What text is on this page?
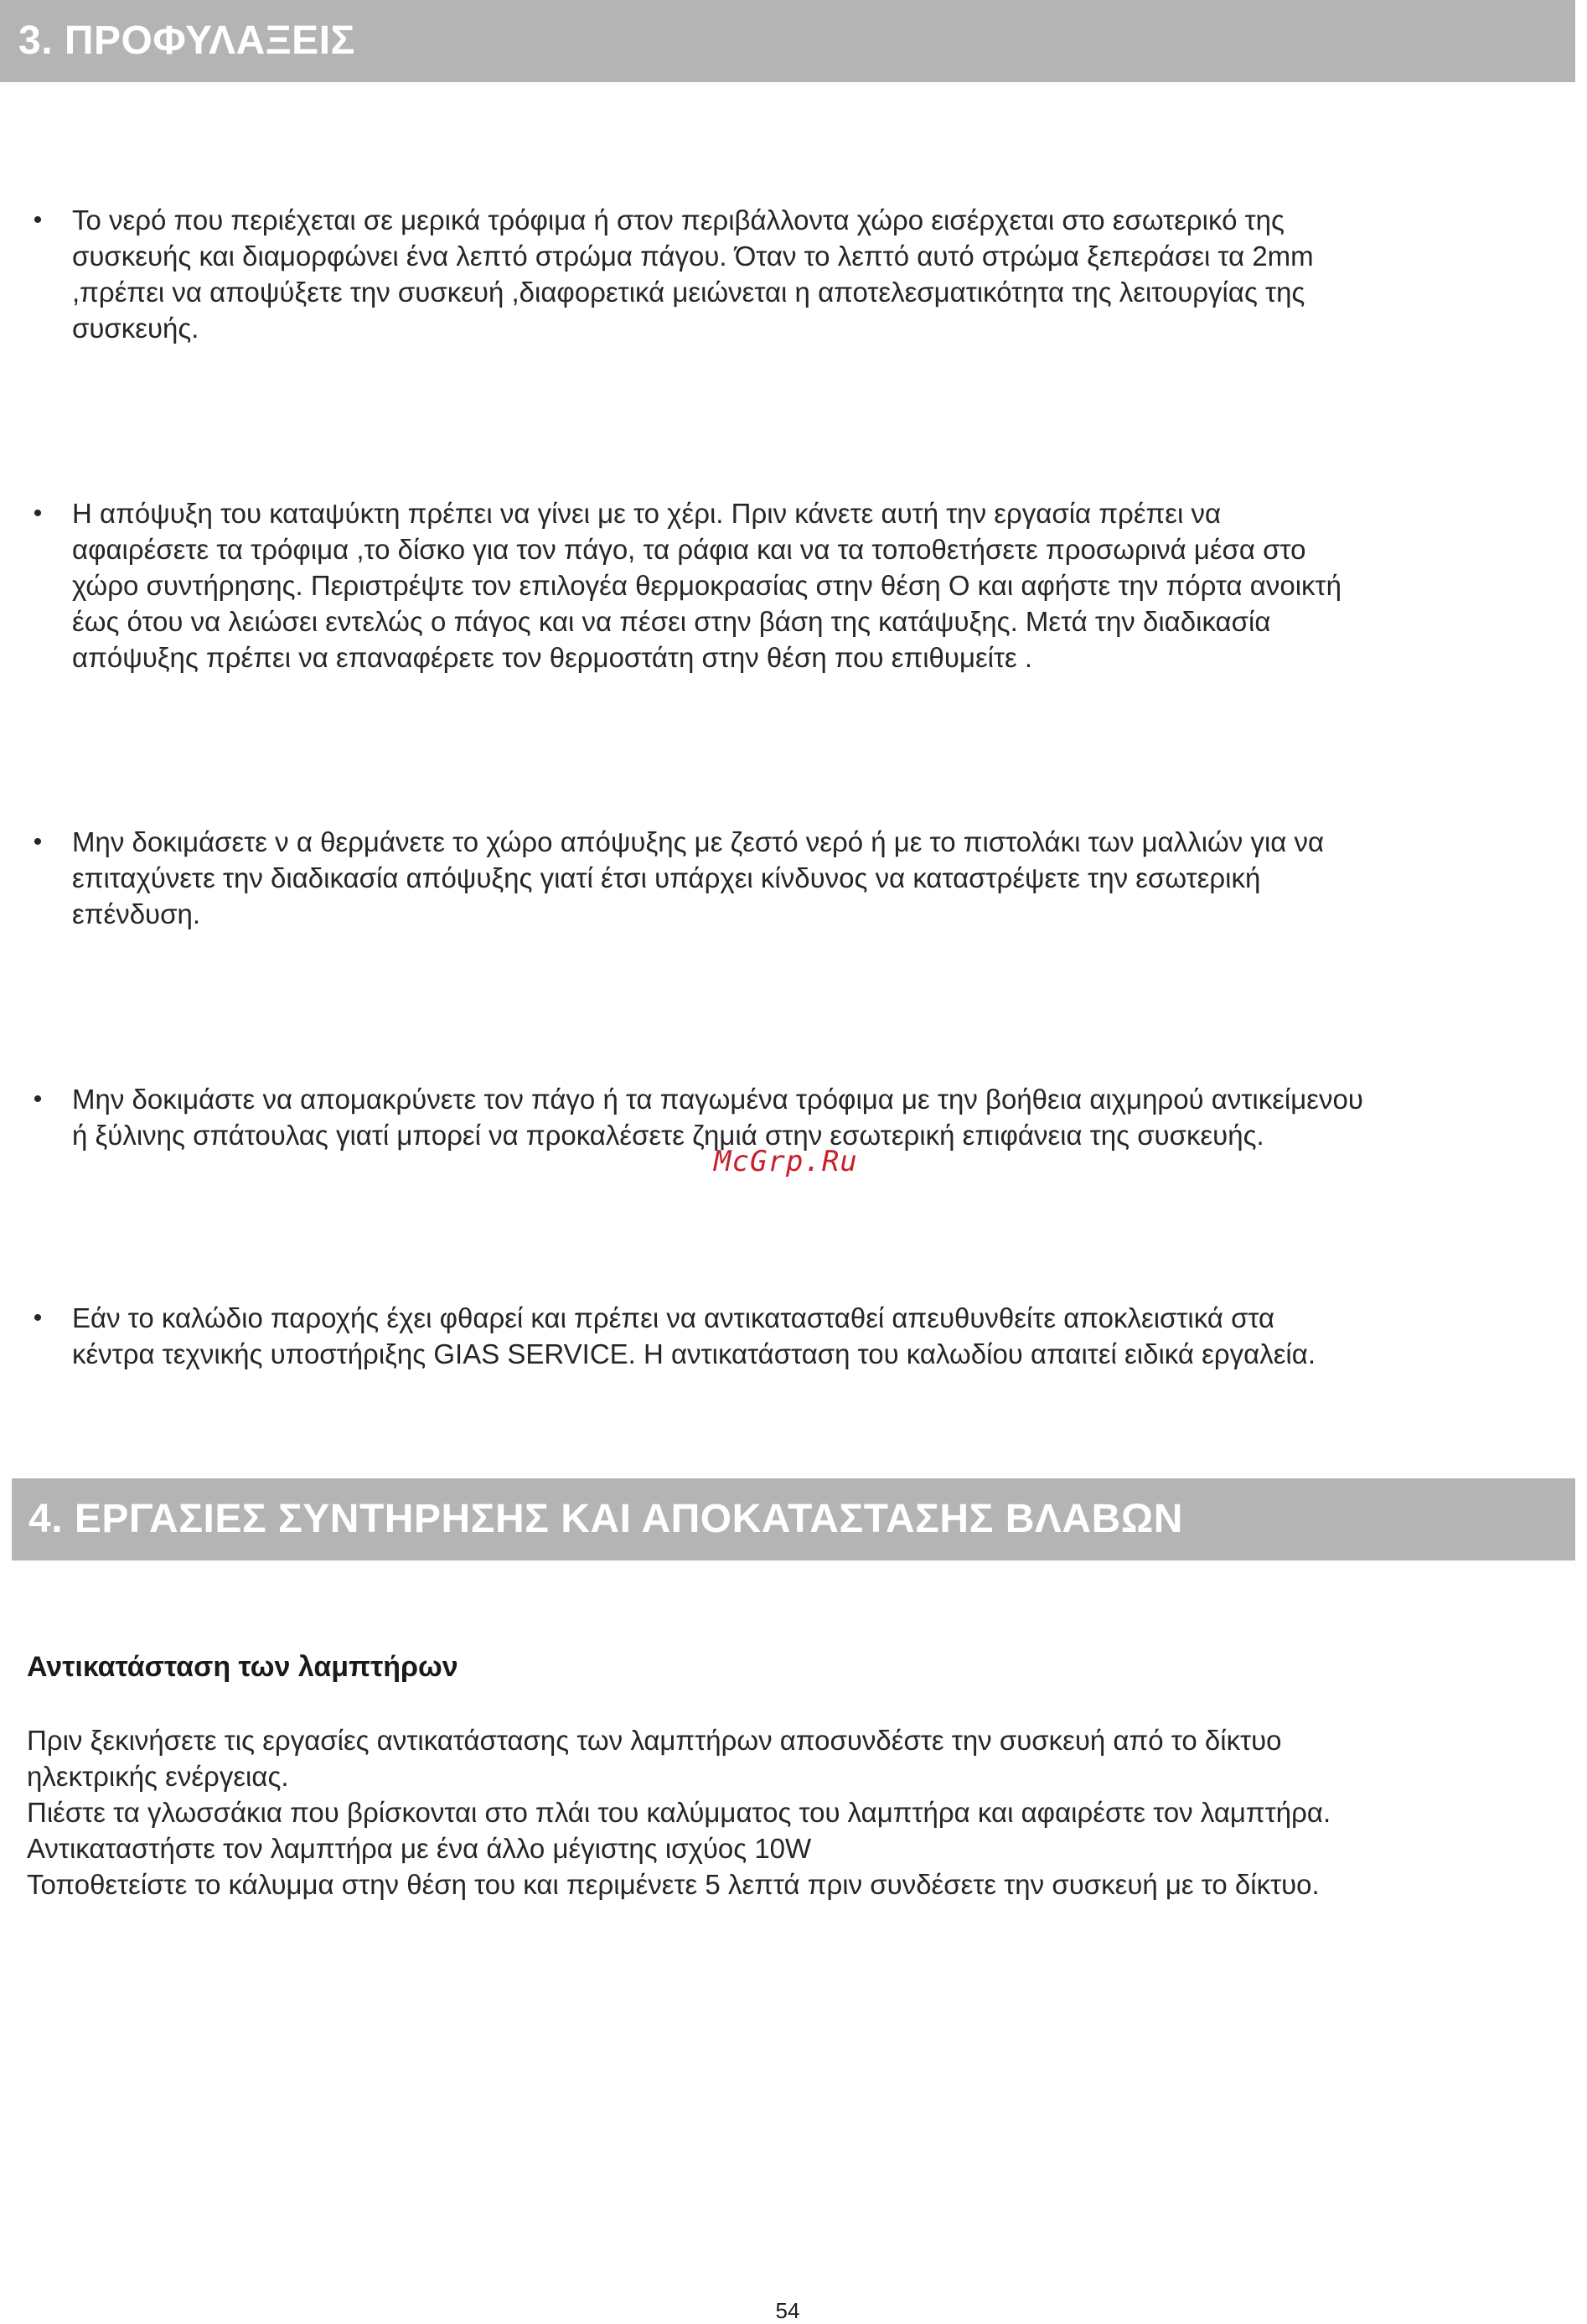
3. ΠΡΟΦΥΛΑΞΕΙΣ
• Το νερό που περιέχεται σε μερικά τρόφιμα ή στον περιβάλλοντα χώρο εισέρχεται στο εσωτερικό της
συσκευής και διαμορφώνει ένα λεπτό στρώμα πάγου. Όταν το λεπτό αυτό στρώμα ξεπεράσει τα 2mm
,πρέπει να αποψύξετε την συσκευή ,διαφορετικά μειώνεται η αποτελεσματικότητα της λειτουργίας της
συσκευής.
• Η απόψυξη του καταψύκτη πρέπει να γίνει με το χέρι. Πριν κάνετε αυτή την εργασία πρέπει να
αφαιρέσετε τα τρόφιμα ,το δίσκο για τον πάγο, τα ράφια και να τα τοποθετήσετε προσωρινά μέσα στο
χώρο συντήρησης. Περιστρέψτε τον επιλογέα θερμοκρασίας στην θέση O και αφήστε την πόρτα ανοικτή
έως ότου να λειώσει εντελώς ο πάγος και να πέσει στην βάση της κατάψυξης. Μετά την διαδικασία
απόψυξης πρέπει να επαναφέρετε τον θερμοστάτη στην θέση που επιθυμείτε .
• Μην δοκιμάσετε ν α θερμάνετε το χώρο απόψυξης με ζεστό νερό ή με το πιστολάκι των μαλλιών για να
επιταχύνετε την διαδικασία απόψυξης γιατί έτσι υπάρχει κίνδυνος να καταστρέψετε την εσωτερική
επένδυση.
• Μην δοκιμάστε να απομακρύνετε τον πάγο ή τα παγωμένα τρόφιμα με την βοήθεια αιχμηρού αντικείμενου
ή ξύλινης σπάτουλας γιατί μπορεί να προκαλέσετε ζημιά στην εσωτερική επιφάνεια της συσκευής.
McGrp.Ru
• Εάν το καλώδιο παροχής έχει φθαρεί και πρέπει να αντικατασταθεί απευθυνθείτε αποκλειστικά στα
κέντρα τεχνικής υποστήριξης GIAS SERVICE. Η αντικατάσταση του καλωδίου απαιτεί ειδικά εργαλεία.
4. ΕΡΓΑΣΙΕΣ ΣΥΝΤΗΡΗΣΗΣ ΚΑΙ ΑΠΟΚΑΤΑΣΤΑΣΗΣ ΒΛΑΒΩΝ
Αντικατάσταση των λαμπτήρων

Πριν ξεκινήσετε τις εργασίες αντικατάστασης των λαμπτήρων αποσυνδέστε την συσκευή από το δίκτυο
ηλεκτρικής ενέργειας.

Πιέστε τα γλωσσάκια που βρίσκονται στο πλάι του καλύμματος του λαμπτήρα και αφαιρέστε τον λαμπτήρα.

Αντικαταστήστε τον λαμπτήρα με ένα άλλο μέγιστης ισχύος 10W

Τοποθετείστε το κάλυμμα στην θέση του και περιμένετε 5 λεπτά πριν συνδέσετε την συσκευή με το δίκτυο.

54
